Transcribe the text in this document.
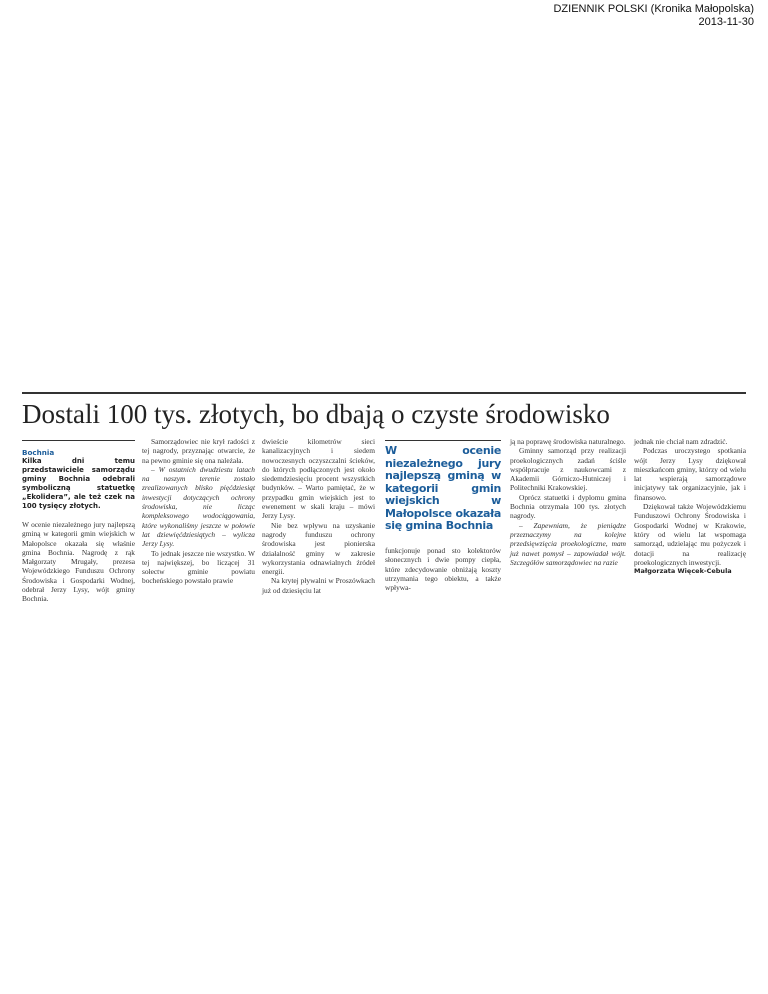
DZIENNIK POLSKI (Kronika Małopolska)
2013-11-30
Dostali 100 tys. złotych, bo dbają o czyste środowisko
Bochnia
Kilka dni temu przedstawiciele samorządu gminy Bochnia odebrali symboliczną statuetkę „Ekolidera”, ale też czek na 100 tysięcy złotych.

W ocenie niezależnego jury najlepszą gminą w kategorii gmin wiejskich w Małopolsce okazała się właśnie gmina Bochnia. Nagrodę z rąk Małgorzaty Mrugały, prezesa Wojewódzkiego Funduszu Ochrony Środowiska i Gospodarki Wodnej, odebrał Jerzy Lysy, wójt gminy Bochnia.

Samorządowiec nie krył radości z tej nagrody, przyznając otwarcie, że na pewno gminie się ona należała.

– W ostatnich dwudziestu latach na naszym terenie zostało zrealizowanych blisko pięćdziesiąt inwestycji dotyczących ochrony środowiska, nie licząc kompleksowego wodociągowania, które wykonaliśmy jeszcze w połowie lat dziewięćdziesiątych – wylicza Jerzy Lysy.

To jednak jeszcze nie wszystko. W tej największej, bo liczącej 31 sołectw gminie powiatu bocheńskiego powstało prawie

dwieście kilometrów sieci kanalizacyjnych i siedem nowoczesnych oczyszczalni ścieków, do których podłączonych jest około siedemdziesięciu procent wszystkich budynków. – Warto pamiętać, że w przypadku gmin wiejskich jest to ewenement w skali kraju – mówi Jerzy Lysy.

Nie bez wpływu na uzyskanie nagrody funduszu ochrony środowiska jest pionierska działalność gminy w zakresie wykorzystania odnawialnych źródeł energii.

Na krytej pływalni w Proszówkach już od dziesięciu lat

W ocenie niezależnego jury najlepszą gminą w kategorii gmin wiejskich w Małopolsce okazała się gmina Bochnia

funkcjonuje ponad sto kolektorów słonecznych i dwie pompy ciepła, które zdecydowanie obniżają koszty utrzymania tego obiektu, a także wpływa-

ją na poprawę środowiska naturalnego.

Gminny samorząd przy realizacji proekologicznych zadań ściśle współpracuje z naukowcami z Akademii Górniczo-Hutniczej i Politechniki Krakowskiej.

Oprócz statuetki i dyplomu gmina Bochnia otrzymała 100 tys. złotych nagrody.

– Zapewniam, że pieniądze przeznaczymy na kolejne przedsięwzięcia proekologiczne, mam już nawet pomysł – zapowiadał wójt. Szczegółów samorządowiec na razie

jednak nie chciał nam zdradzić.

Podczas uroczystego spotkania wójt Jerzy Lysy dziękował mieszkańcom gminy, którzy od wielu lat wspierają samorządowe inicjatywy tak organizacyjnie, jak i finansowo.

Dziękował także Wojewódzkiemu Funduszowi Ochrony Środowiska i Gospodarki Wodnej w Krakowie, który od wielu lat wspomaga samorząd, udzielając mu pożyczek i dotacji na realizację proekologicznych inwestycji.

Małgorzata Więcek-Cebula
